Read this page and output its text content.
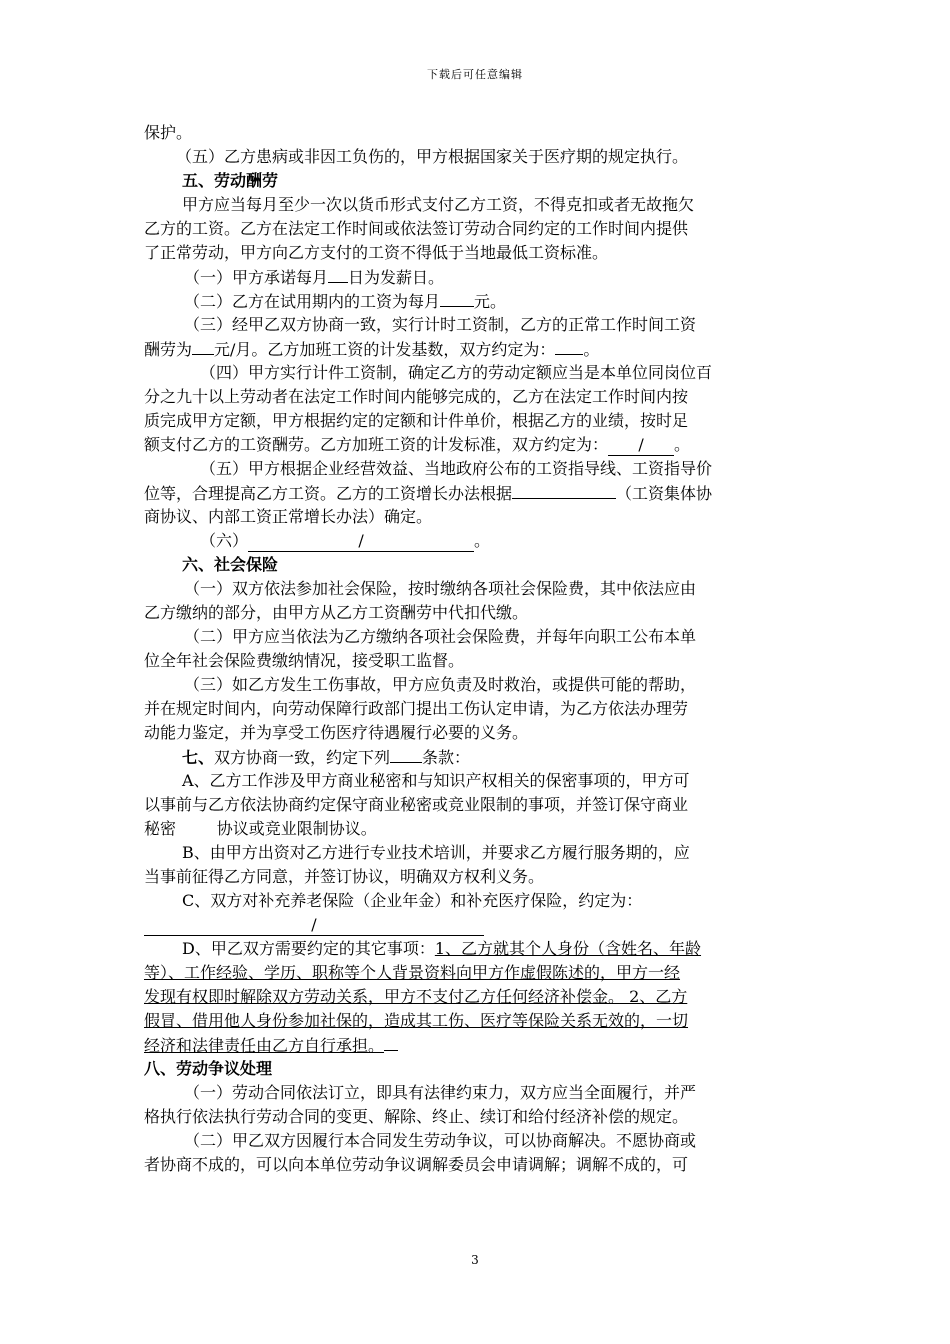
下载后可任意编辑
保护。
（五）乙方患病或非因工负伤的，甲方根据国家关于医疗期的规定执行。
五、劳动酬劳
甲方应当每月至少一次以货币形式支付乙方工资，不得克扣或者无故拖欠
乙方的工资。乙方在法定工作时间或依法签订劳动合同约定的工作时间内提供
了正常劳动，甲方向乙方支付的工资不得低于当地最低工资标准。
（一）甲方承诺每月 日为发薪日。
（二）乙方在试用期内的工资为每月 元。
（三）经甲乙双方协商一致，实行计时工资制，乙方的正常工作时间工资
酬劳为 元/月。乙方加班工资的计发基数，双方约定为： 。
（四）甲方实行计件工资制，确定乙方的劳动定额应当是本单位同岗位百
分之九十以上劳动者在法定工作时间内能够完成的，乙方在法定工作时间内按
质完成甲方定额，甲方根据约定的定额和计件单价，根据乙方的业绩，按时足
额支付乙方的工资酬劳。乙方加班工资的计发标准，双方约定为： / 。
（五）甲方根据企业经营效益、当地政府公布的工资指导线、工资指导价
位等，合理提高乙方工资。乙方的工资增长办法根据	（工资集体协
商协议、内部工资正常增长办法）确定。
（六）	/	。
六、社会保险
（一）双方依法参加社会保险，按时缴纳各项社会保险费，其中依法应由
乙方缴纳的部分，由甲方从乙方工资酬劳中代扣代缴。
（二）甲方应当依法为乙方缴纳各项社会保险费，并每年向职工公布本单
位全年社会保险费缴纳情况，接受职工监督。
（三）如乙方发生工伤事故，甲方应负责及时救治，或提供可能的帮助，
并在规定时间内，向劳动保障行政部门提出工伤认定申请，为乙方依法办理劳
动能力鉴定，并为享受工伤医疗待遇履行必要的义务。
七、双方协商一致，约定下列 条款：
A、乙方工作涉及甲方商业秘密和与知识产权相关的保密事项的，甲方可
以事前与乙方依法协商约定保守商业秘密或竞业限制的事项，并签订保守商业
秘密        协议或竞业限制协议。
B、由甲方出资对乙方进行专业技术培训，并要求乙方履行服务期的，应
当事前征得乙方同意，并签订协议，明确双方权利义务。
C、双方对补充养老保险（企业年金）和补充医疗保险，约定为：
/
D、甲乙双方需要约定的其它事项：1、乙方就其个人身份（含姓名、年龄
等）、工作经验、学历、职称等个人背景资料向甲方作虚假陈述的，甲方一经
发现有权即时解除双方劳动关系，甲方不支付乙方任何经济补偿金。 2、乙方
假冒、借用他人身份参加社保的，造成其工伤、医疗等保险关系无效的，一切
经济和法律责任由乙方自行承担。
八、劳动争议处理
（一）劳动合同依法订立，即具有法律约束力，双方应当全面履行，并严
格执行依法执行劳动合同的变更、解除、终止、续订和给付经济补偿的规定。
（二）甲乙双方因履行本合同发生劳动争议，可以协商解决。不愿协商或
者协商不成的，可以向本单位劳动争议调解委员会申请调解；调解不成的，可
3
